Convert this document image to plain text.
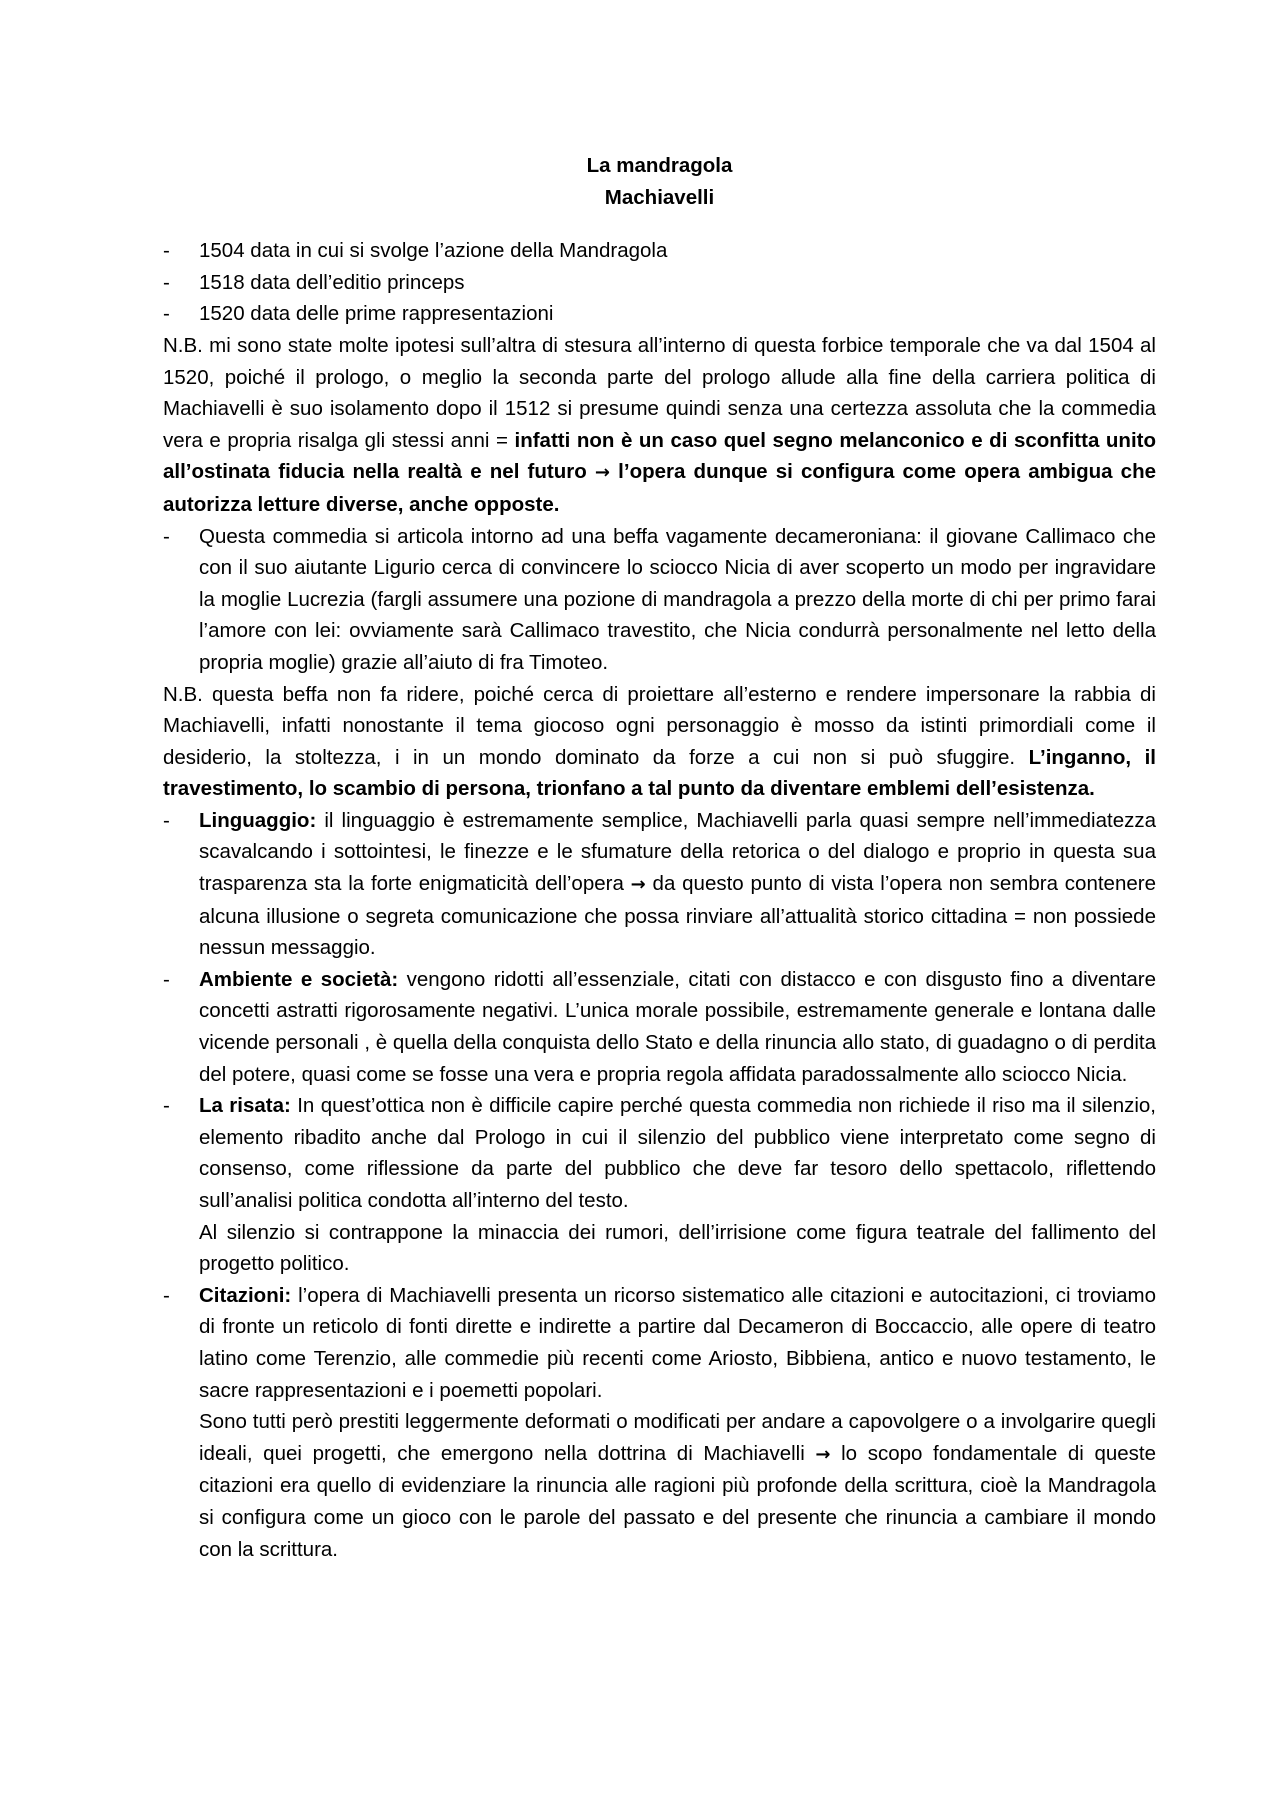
La mandragola

Machiavelli

- 1504 data in cui si svolge l’azione della Mandragola
- 1518 data dell’editio princeps
- 1520 data delle prime rappresentazioni
N.B. mi sono state molte ipotesi sull’altra di stesura all’interno di questa forbice temporale che va dal 1504 al 1520, poiché il prologo, o meglio la seconda parte del prologo allude alla fine della carriera politica di Machiavelli è suo isolamento dopo il 1512 si presume quindi senza una certezza assoluta che la commedia vera e propria risalga gli stessi anni = infatti non è un caso quel segno melanconico e di sconfitta unito all’ostinata fiducia nella realtà e nel futuro → l’opera dunque si configura come opera ambigua che autorizza letture diverse, anche opposte.
- Questa commedia si articola intorno ad una beffa vagamente decameroniana: il giovane Callimaco che con il suo aiutante Ligurio cerca di convincere lo sciocco Nicia di aver scoperto un modo per ingravidare la moglie Lucrezia (fargli assumere una pozione di mandragola a prezzo della morte di chi per primo farai l’amore con lei: ovviamente sarà Callimaco travestito, che Nicia condurrà personalmente nel letto della propria moglie) grazie all’aiuto di fra Timoteo.
N.B. questa beffa non fa ridere, poiché cerca di proiettare all’esterno e rendere impersonare la rabbia di Machiavelli, infatti nonostante il tema giocoso ogni personaggio è mosso da istinti primordiali come il desiderio, la stoltezza, i in un mondo dominato da forze a cui non si può sfuggire. L’inganno, il travestimento, lo scambio di persona, trionfano a tal punto da diventare emblemi dell’esistenza.
- Linguaggio: il linguaggio è estremamente semplice, Machiavelli parla quasi sempre nell’immediatezza scavalcando i sottointesi, le finezze e le sfumature della retorica o del dialogo e proprio in questa sua trasparenza sta la forte enigmaticità dell’opera → da questo punto di vista l’opera non sembra contenere alcuna illusione o segreta comunicazione che possa rinviare all’attualità storico cittadina = non possiede nessun messaggio.
- Ambiente e società: vengono ridotti all’essenziale, citati con distacco e con disgusto fino a diventare concetti astratti rigorosamente negativi. L’unica morale possibile, estremamente generale e lontana dalle vicende personali , è quella della conquista dello Stato e della rinuncia allo stato, di guadagno o di perdita del potere, quasi come se fosse una vera e propria regola affidata paradossalmente allo sciocco Nicia.
- La risata: In quest’ottica non è difficile capire perché questa commedia non richiede il riso ma il silenzio, elemento ribadito anche dal Prologo in cui il silenzio del pubblico viene interpretato come segno di consenso, come riflessione da parte del pubblico che deve far tesoro dello spettacolo, riflettendo sull’analisi politica condotta all’interno del testo.
Al silenzio si contrappone la minaccia dei rumori, dell’irrisione come figura teatrale del fallimento del progetto politico.
- Citazioni: l’opera di Machiavelli presenta un ricorso sistematico alle citazioni e autocitazioni, ci troviamo di fronte un reticolo di fonti dirette e indirette a partire dal Decameron di Boccaccio, alle opere di teatro latino come Terenzio, alle commedie più recenti come Ariosto, Bibbiena, antico e nuovo testamento, le sacre rappresentazioni e i poemetti popolari.
Sono tutti però prestiti leggermente deformati o modificati per andare a capovolgere o a involgarire quegli ideali, quei progetti, che emergono nella dottrina di Machiavelli → lo scopo fondamentale di queste citazioni era quello di evidenziare la rinuncia alle ragioni più profonde della scrittura, cioè la Mandragola si configura come un gioco con le parole del passato e del presente che rinuncia a cambiare il mondo con la scrittura.
